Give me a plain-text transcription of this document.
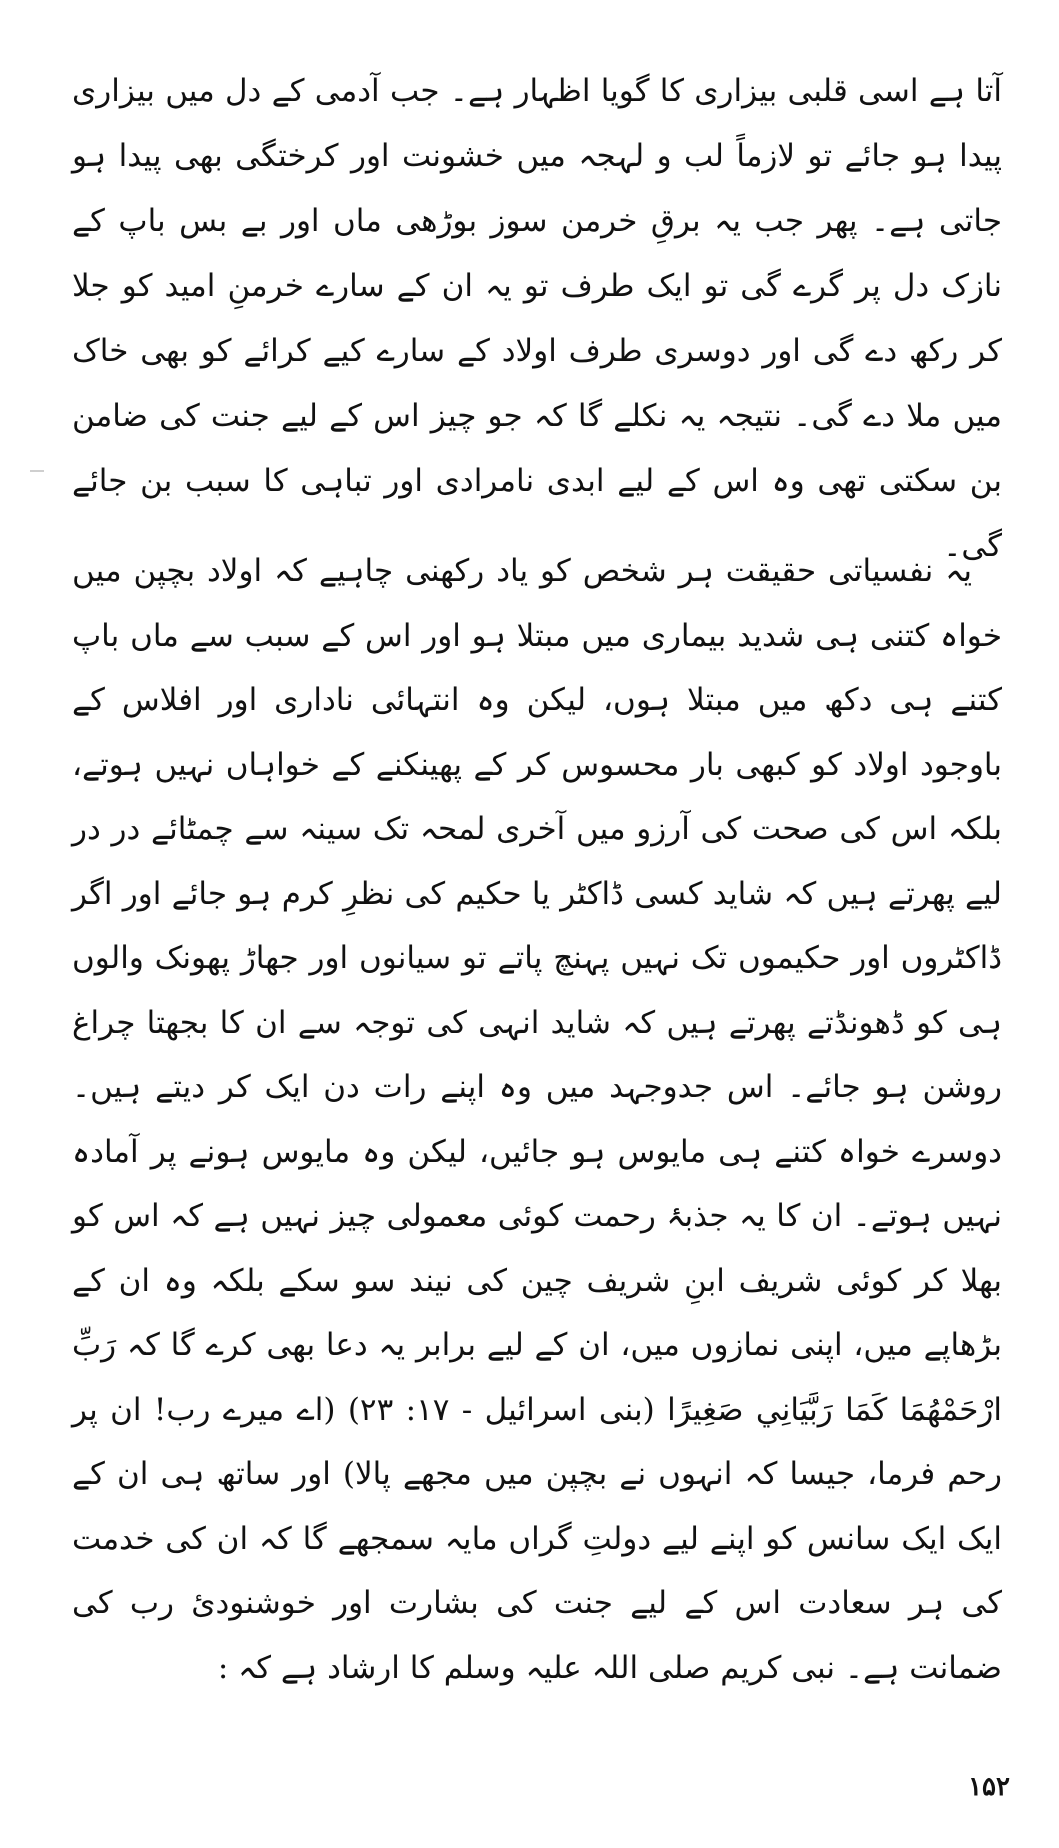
آتا ہے اسی قلبی بیزاری کا گویا اظہار ہے۔ جب آدمی کے دل میں بیزاری پیدا ہو جائے تو لازماً لب و لہجہ میں خشونت اور کرختگی بھی پیدا ہو جاتی ہے۔ پھر جب یہ برقِ خرمن سوز بوڑھی ماں اور بے بس باپ کے نازک دل پر گرے گی تو ایک طرف تو یہ ان کے سارے خرمنِ امید کو جلا کر رکھ دے گی اور دوسری طرف اولاد کے سارے کیے کرائے کو بھی خاک میں ملا دے گی۔ نتیجہ یہ نکلے گا کہ جو چیز اس کے لیے جنت کی ضامن بن سکتی تھی وہ اس کے لیے ابدی نامرادی اور تباہی کا سبب بن جائے گی۔

یہ نفسیاتی حقیقت ہر شخص کو یاد رکھنی چاہیے کہ اولاد بچپن میں خواہ کتنی ہی شدید بیماری میں مبتلا ہو اور اس کے سبب سے ماں باپ کتنے ہی دکھ میں مبتلا ہوں، لیکن وہ انتہائی ناداری اور افلاس کے باوجود اولاد کو کبھی بار محسوس کر کے پھینکنے کے خواہاں نہیں ہوتے، بلکہ اس کی صحت کی آرزو میں آخری لمحہ تک سینہ سے چمٹائے در در لیے پھرتے ہیں کہ شاید کسی ڈاکٹر یا حکیم کی نظرِ کرم ہو جائے اور اگر ڈاکٹروں اور حکیموں تک نہیں پہنچ پاتے تو سیانوں اور جھاڑ پھونک والوں ہی کو ڈھونڈتے پھرتے ہیں کہ شاید انہی کی توجہ سے ان کا بجھتا چراغ روشن ہو جائے۔ اس جدوجہد میں وہ اپنے رات دن ایک کر دیتے ہیں۔ دوسرے خواہ کتنے ہی مایوس ہو جائیں، لیکن وہ مایوس ہونے پر آمادہ نہیں ہوتے۔ ان کا یہ جذبۂ رحمت کوئی معمولی چیز نہیں ہے کہ اس کو بھلا کر کوئی شریف ابنِ شریف چین کی نیند سو سکے بلکہ وہ ان کے بڑھاپے میں، اپنی نمازوں میں، ان کے لیے برابر یہ دعا بھی کرے گا کہ رَبِّ ارْحَمْهُمَا كَمَا رَبَّيَانِي صَغِيرًا (بنی اسرائیل - ۱۷: ۲۳) (اے میرے رب! ان پر رحم فرما، جیسا کہ انہوں نے بچپن میں مجھے پالا) اور ساتھ ہی ان کے ایک ایک سانس کو اپنے لیے دولتِ گراں مایہ سمجھے گا کہ ان کی خدمت کی ہر سعادت اس کے لیے جنت کی بشارت اور خوشنودیٔ رب کی ضمانت ہے۔ نبی کریم صلی اللہ علیہ وسلم کا ارشاد ہے کہ :

۱۵۲
